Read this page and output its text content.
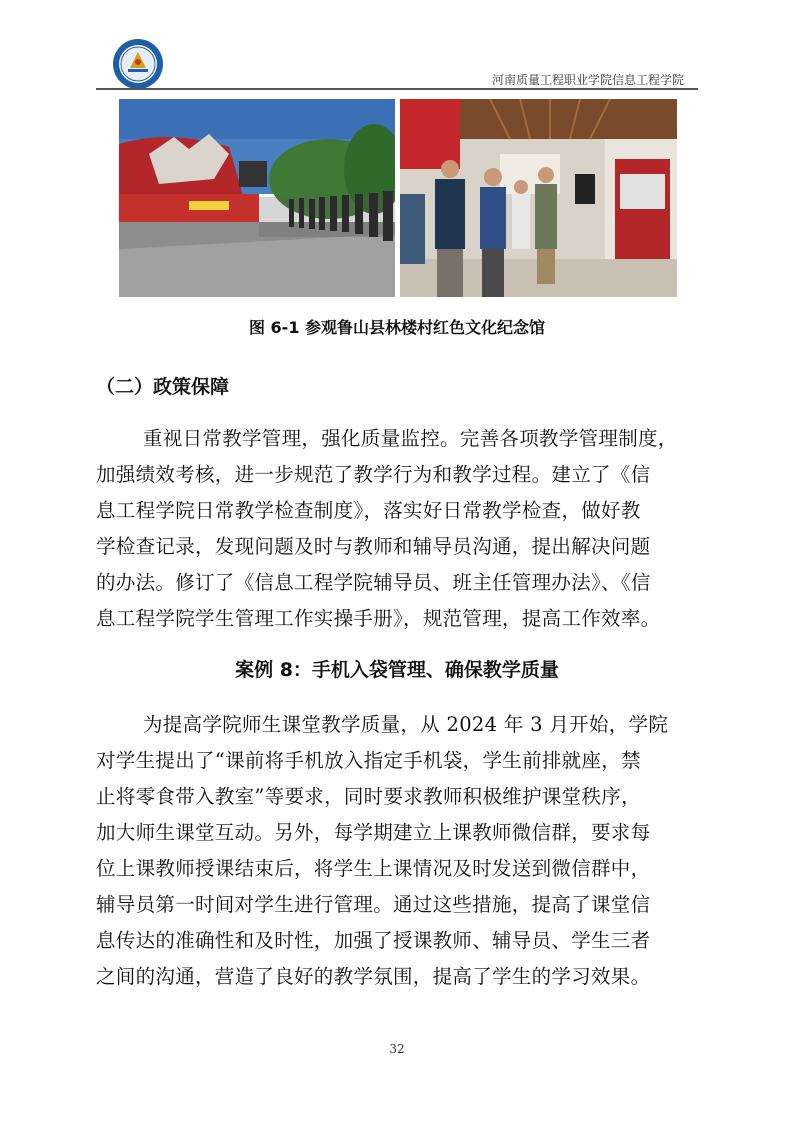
河南质量工程职业学院信息工程学院
图 6-1 参观鲁山县林楼村红色文化纪念馆
（二）政策保障
重视日常教学管理，强化质量监控。完善各项教学管理制度，
加强绩效考核，进一步规范了教学行为和教学过程。建立了《信
息工程学院日常教学检查制度》，落实好日常教学检查，做好教
学检查记录，发现问题及时与教师和辅导员沟通，提出解决问题
的办法。修订了《信息工程学院辅导员、班主任管理办法》、《信
息工程学院学生管理工作实操手册》，规范管理，提高工作效率。
案例 8：手机入袋管理、确保教学质量
为提高学院师生课堂教学质量，从 2024 年 3 月开始，学院
对学生提出了“课前将手机放入指定手机袋，学生前排就座，禁
止将零食带入教室”等要求，同时要求教师积极维护课堂秩序，
加大师生课堂互动。另外，每学期建立上课教师微信群，要求每
位上课教师授课结束后，将学生上课情况及时发送到微信群中，
辅导员第一时间对学生进行管理。通过这些措施，提高了课堂信
息传达的准确性和及时性，加强了授课教师、辅导员、学生三者
之间的沟通，营造了良好的教学氛围，提高了学生的学习效果。
32
